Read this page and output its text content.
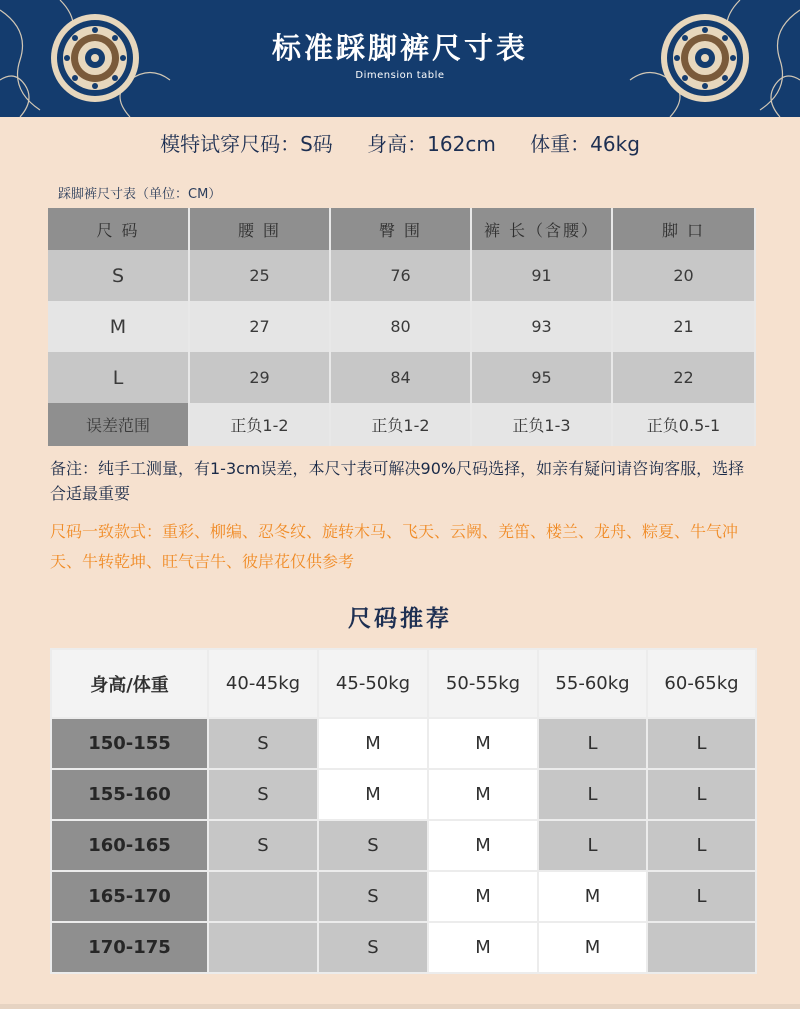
标准踩脚裤尺寸表
Dimension table
模特试穿尺码：S码 身高：162cm 体重：46kg
踩脚裤尺寸表（单位：CM）
尺 码	腰 围	臀 围	裤 长（含腰）	脚 口
S	25	76	91	20
M	27	80	93	21
L	29	84	95	22
误差范围	正负1-2	正负1-2	正负1-3	正负0.5-1
备注：纯手工测量，有1-3cm误差，本尺寸表可解决90%尺码选择，如亲有疑问请咨询客服，选择合适最重要
尺码一致款式：重彩、柳编、忍冬纹、旋转木马、飞天、云阙、羌笛、楼兰、龙舟、粽夏、牛气冲天、牛转乾坤、旺气吉牛、彼岸花仅供参考
尺码推荐
身高/体重	40-45kg	45-50kg	50-55kg	55-60kg	60-65kg
150-155	S	M	M	L	L
155-160	S	M	M	L	L
160-165	S	S	M	L	L
165-170		S	M	M	L
170-175		S	M	M	
